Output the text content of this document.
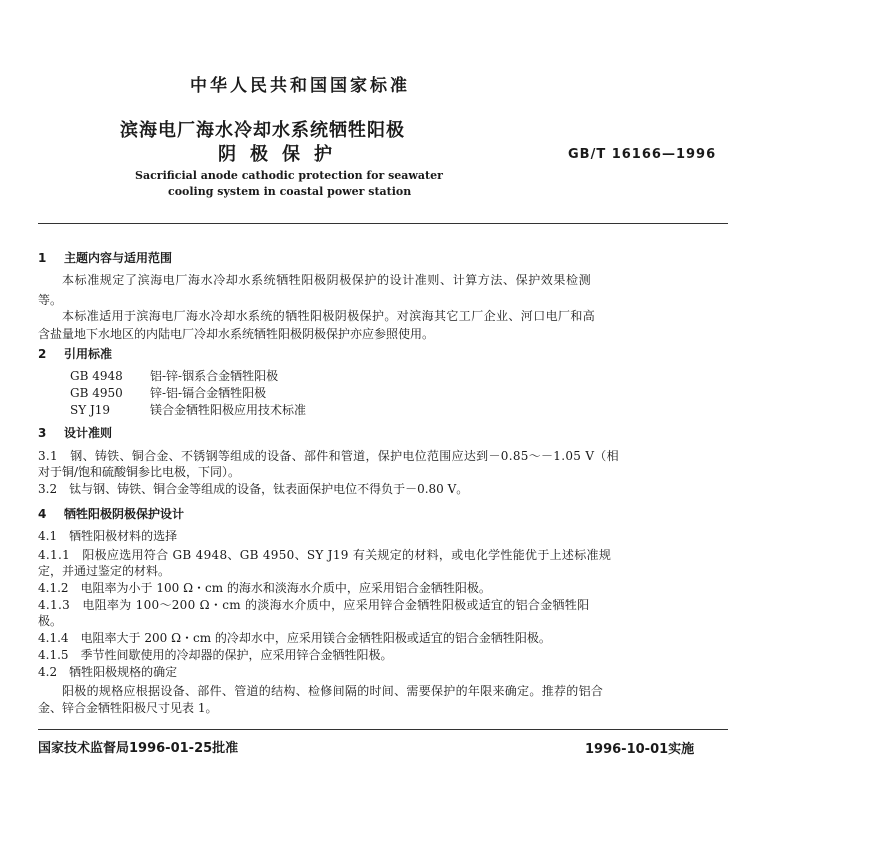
中华人民共和国国家标准
滨海电厂海水冷却水系统牺牲阳极
阴极保护	GB/T 16166—1996
Sacrificial anode cathodic protection for seawater
cooling system in coastal power station
1 主题内容与适用范围
本标准规定了滨海电厂海水冷却水系统牺牲阳极阴极保护的设计准则、计算方法、保护效果检测
等。
本标准适用于滨海电厂海水冷却水系统的牺牲阳极阴极保护。对滨海其它工厂企业、河口电厂和高
含盐量地下水地区的内陆电厂冷却水系统牺牲阳极阴极保护亦应参照使用。
2 引用标准
GB 4948 铝-锌-铟系合金牺牲阳极
GB 4950 锌-铝-镉合金牺牲阳极
SY J19	镁合金牺牲阳极应用技术标准
3 设计准则
3.1　钢、铸铁、铜合金、不锈钢等组成的设备、部件和管道，保护电位范围应达到－0.85～－1.05 V（相
对于铜/饱和硫酸铜参比电极，下同）。
3.2　钛与钢、铸铁、铜合金等组成的设备，钛表面保护电位不得负于－0.80 V。
4 牺牲阳极阴极保护设计
4.1　牺牲阳极材料的选择
4.1.1　阳极应选用符合 GB 4948、GB 4950、SY J19 有关规定的材料，或电化学性能优于上述标准规
定，并通过鉴定的材料。
4.1.2　电阻率为小于 100 Ω・cm 的海水和淡海水介质中，应采用铝合金牺牲阳极。
4.1.3　电阻率为 100～200 Ω・cm 的淡海水介质中，应采用锌合金牺牲阳极或适宜的铝合金牺牲阳
极。
4.1.4　电阻率大于 200 Ω・cm 的冷却水中，应采用镁合金牺牲阳极或适宜的铝合金牺牲阳极。
4.1.5　季节性间歇使用的冷却器的保护，应采用锌合金牺牲阳极。
4.2　牺牲阳极规格的确定
阳极的规格应根据设备、部件、管道的结构、检修间隔的时间、需要保护的年限来确定。推荐的铝合
金、锌合金牺牲阳极尺寸见表 1。
国家技术监督局1996-01-25批准	1996-10-01实施
